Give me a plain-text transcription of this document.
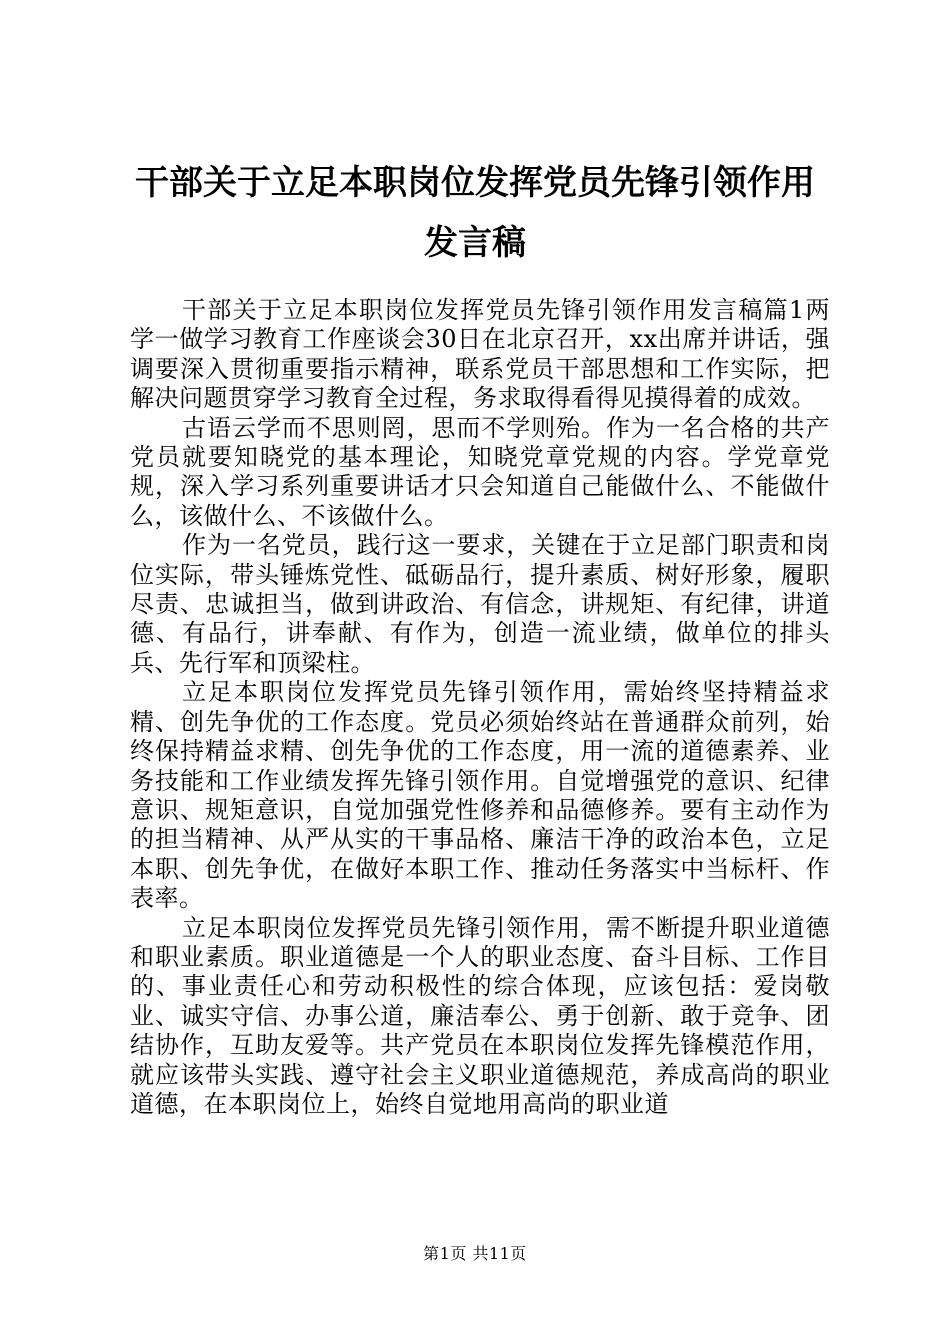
干部关于立足本职岗位发挥党员先锋引领作用
发言稿

干部关于立足本职岗位发挥党员先锋引领作用发言稿篇1两学一做学习教育工作座谈会30日在北京召开，xx出席并讲话，强调要深入贯彻重要指示精神，联系党员干部思想和工作实际，把解决问题贯穿学习教育全过程，务求取得看得见摸得着的成效。

古语云学而不思则罔，思而不学则殆。作为一名合格的共产党员就要知晓党的基本理论，知晓党章党规的内容。学党章党规，深入学习系列重要讲话才只会知道自己能做什么、不能做什么，该做什么、不该做什么。

作为一名党员，践行这一要求，关键在于立足部门职责和岗位实际，带头锤炼党性、砥砺品行，提升素质、树好形象，履职尽责、忠诚担当，做到讲政治、有信念，讲规矩、有纪律，讲道德、有品行，讲奉献、有作为，创造一流业绩，做单位的排头兵、先行军和顶梁柱。

立足本职岗位发挥党员先锋引领作用，需始终坚持精益求精、创先争优的工作态度。党员必须始终站在普通群众前列，始终保持精益求精、创先争优的工作态度，用一流的道德素养、业务技能和工作业绩发挥先锋引领作用。自觉增强党的意识、纪律意识、规矩意识，自觉加强党性修养和品德修养。要有主动作为的担当精神、从严从实的干事品格、廉洁干净的政治本色，立足本职、创先争优，在做好本职工作、推动任务落实中当标杆、作表率。

立足本职岗位发挥党员先锋引领作用，需不断提升职业道德和职业素质。职业道德是一个人的职业态度、奋斗目标、工作目的、事业责任心和劳动积极性的综合体现，应该包括：爱岗敬业、诚实守信、办事公道，廉洁奉公、勇于创新、敢于竞争、团结协作，互助友爱等。共产党员在本职岗位发挥先锋模范作用，就应该带头实践、遵守社会主义职业道德规范，养成高尚的职业道德，在本职岗位上，始终自觉地用高尚的职业道

第1页 共11页
